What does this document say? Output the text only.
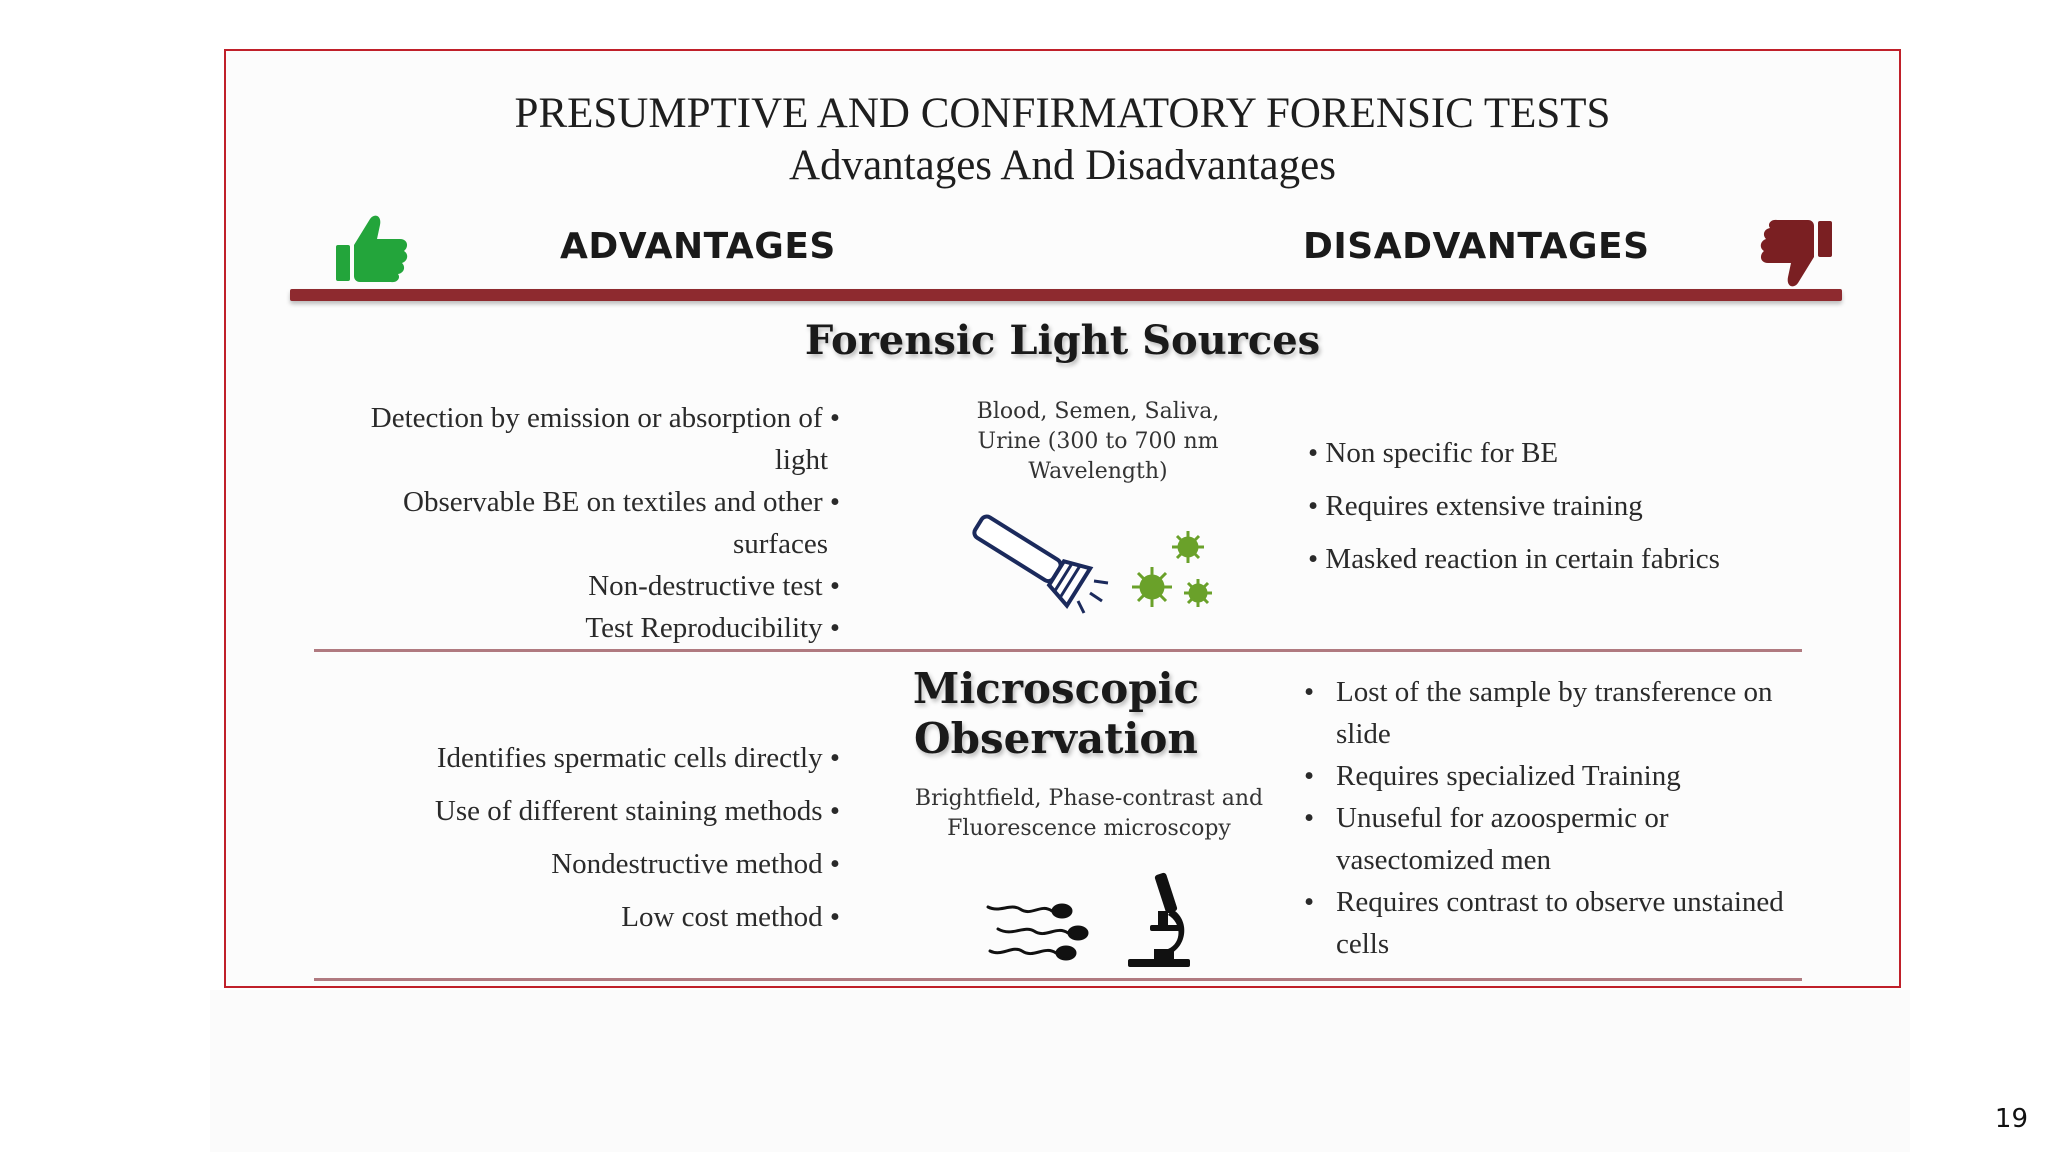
PRESUMPTIVE AND CONFIRMATORY FORENSIC TESTS
Advantages And Disadvantages
ADVANTAGES	DISADVANTAGES
Forensic Light Sources
Detection by emission or absorption of •
light
Observable BE on textiles and other •
surfaces
Non-destructive test •
Test Reproducibility •
Blood, Semen, Saliva, Urine (300 to 700 nm Wavelength)
• Non specific for BE
• Requires extensive training
• Masked reaction in certain fabrics
Microscopic
Observation
Identifies spermatic cells directly •
Use of different staining methods •
Nondestructive method •
Low cost method •
Brightfield, Phase-contrast and Fluorescence microscopy
• Lost of the sample by transference on slide
• Requires specialized Training
• Unuseful for azoospermic or vasectomized men
• Requires contrast to observe unstained cells
19
